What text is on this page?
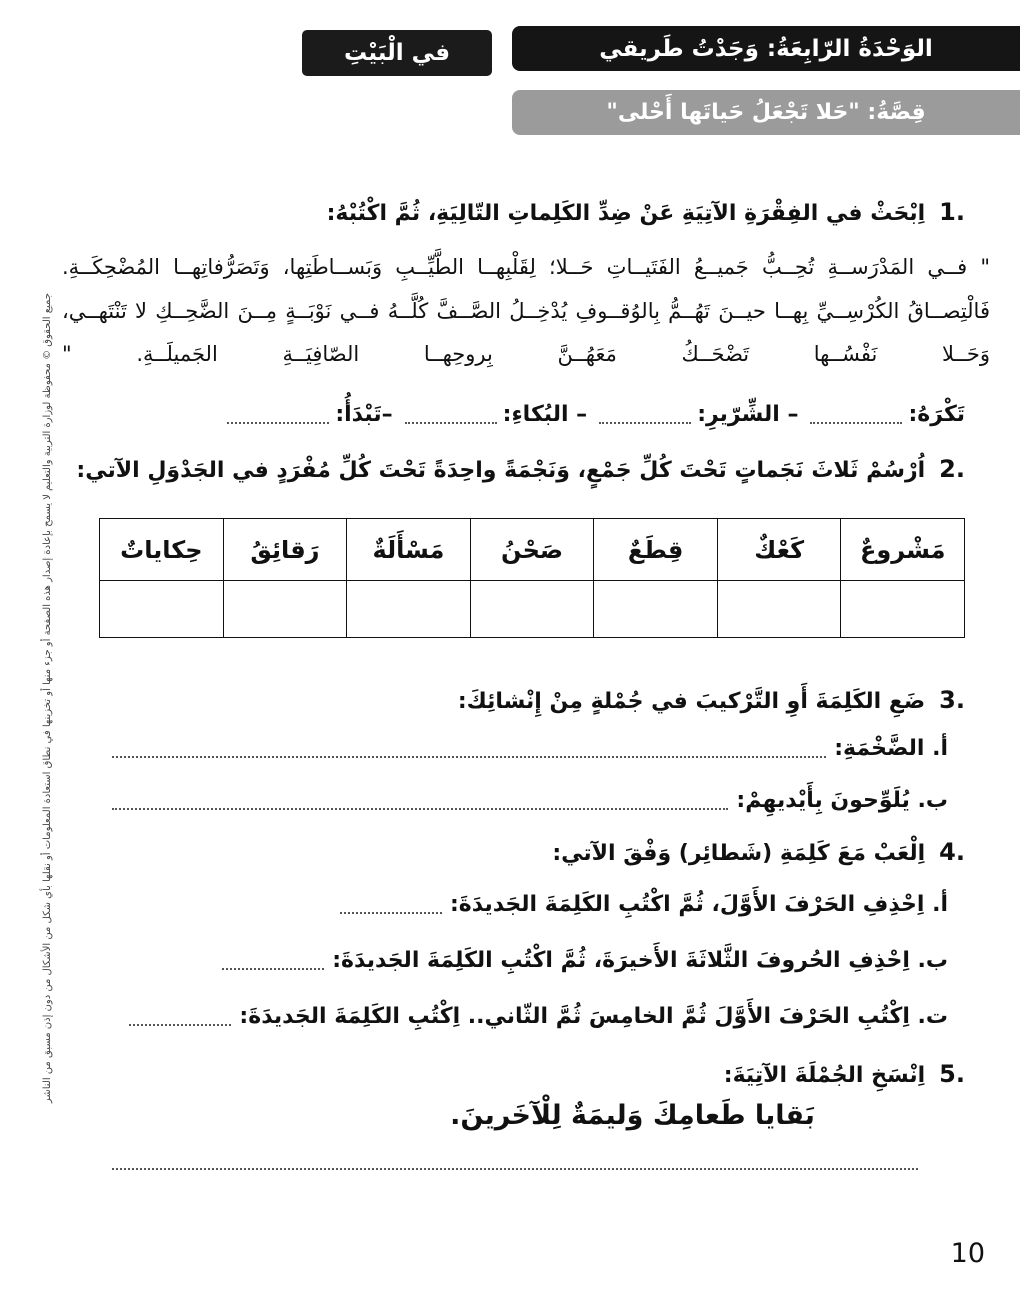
الوَحْدَةُ الرّابِعَةُ: وَجَدْتُ طَريقي
قِصَّةُ: "حَلا تَجْعَلُ حَياتَها أَحْلى"
في الْبَيْتِ
جميع الحقوق © محفوظة لوزارة التربية والتعليم لا يسمح بإعادة إصدار هذه الصفحة أو جزء منها أو تخزينها في نطاق استعادة المعلومات أو نقلها بأي شكل من الأشكال من دون إذن مسبق من الناشر
1.
اِبْحَثْ في الفِقْرَةِ الآتِيَةِ عَنْ ضِدِّ الكَلِماتِ التّالِيَةِ، ثُمَّ اكْتُبْهُ:

" فــي المَدْرَســةِ تُحِــبُّ جَميــعُ الفَتَيــاتِ حَــلا؛ لِقَلْبِهــا الطَّيِّــبِ وَبَســاطَتِها، وَتَصَرُّفاتِهــا المُضْحِكَــةِ. فَالْتِصــاقُ الكُرْسِــيِّ بِهــا حيــنَ تَهُــمُّ بِالوُقــوفِ يُدْخِــلُ الصَّــفَّ كُلَّــهُ فــي نَوْبَــةٍ مِــنَ الضَّحِــكِ لا تَنْتَهــي، وَحَــلا نَفْسُــها تَضْحَــكُ مَعَهُــنَّ بِروحِهــا الصّافِيَــةِ الجَميلَــةِ. "

تَكْرَهُ:
– الشِّرّيرِ:
– البُكاءِ:
–تَبْدَأُ:
2.
اُرْسُمْ ثَلاثَ نَجَماتٍ تَحْتَ كُلِّ جَمْعٍ، وَنَجْمَةً واحِدَةً تَحْتَ كُلِّ مُفْرَدٍ في الجَدْوَلِ الآتي:
مَشْروعٌ	كَعْكٌ	قِطَعٌ	صَحْنُ	مَسْأَلَةٌ	رَقائِقُ	حِكاياتٌ

3.
ضَعِ الكَلِمَةَ أَوِ التَّرْكيبَ في جُمْلةٍ مِنْ إِنْشائِكَ:
أ. الضَّخْمَةِ:
ب. يُلَوِّحونَ بِأَيْديهِمْ:
4.
اِلْعَبْ مَعَ كَلِمَةِ (شَطائِر) وَفْقَ الآتي:
أ. اِحْذِفِ الحَرْفَ الأَوَّلَ، ثُمَّ اكْتُبِ الكَلِمَةَ الجَديدَةَ:
ب. اِحْذِفِ الحُروفَ الثَّلاثَةَ الأَخيرَةَ، ثُمَّ اكْتُبِ الكَلِمَةَ الجَديدَةَ:
ت. اِكْتُبِ الحَرْفَ الأَوَّلَ ثُمَّ الخامِسَ ثُمَّ الثّاني.. اِكْتُبِ الكَلِمَةَ الجَديدَةَ:
5.
اِنْسَخِ الجُمْلَةَ الآتِيَةَ:
بَقايا طَعامِكَ وَليمَةٌ لِلْآخَرينَ.
10
